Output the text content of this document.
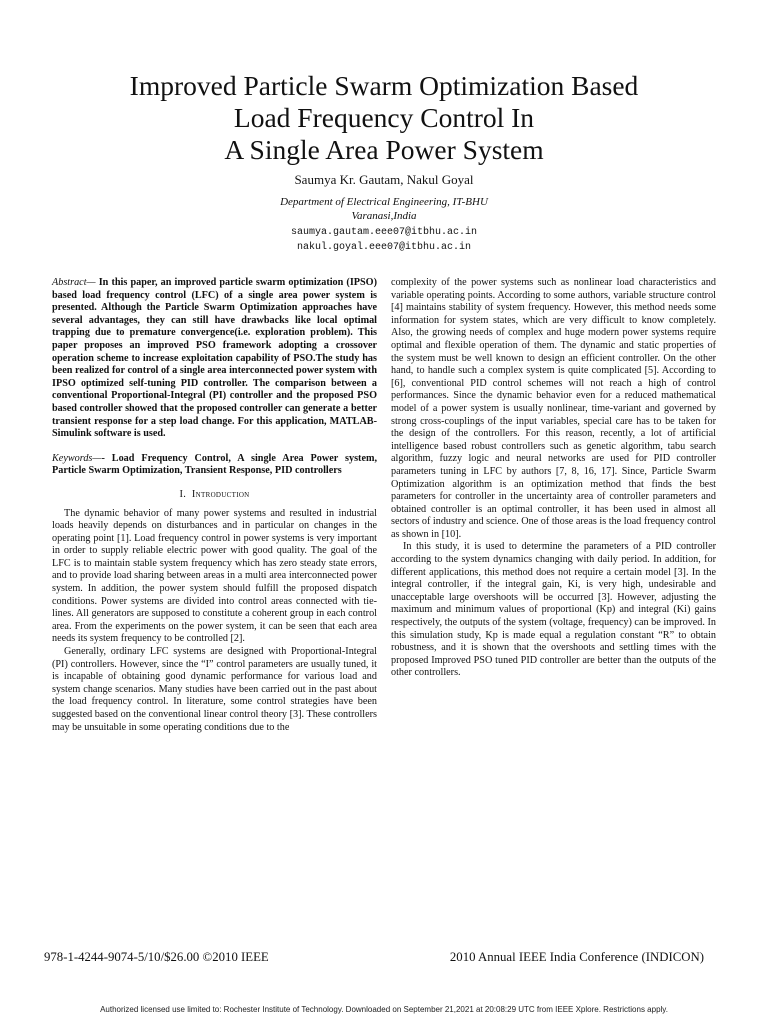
Improved Particle Swarm Optimization Based
Load Frequency Control In
A Single Area Power System
Saumya Kr. Gautam, Nakul Goyal
Department of Electrical Engineering, IT-BHU
Varanasi,India
saumya.gautam.eee07@itbhu.ac.in
nakul.goyal.eee07@itbhu.ac.in

Abstract— In this paper, an improved particle swarm optimization (IPSO) based load frequency control (LFC) of a single area power system is presented. Although the Particle Swarm Optimization approaches have several advantages, they can still have drawbacks like local optimal trapping due to premature convergence(i.e. exploration problem). This paper proposes an improved PSO framework adopting a crossover operation scheme to increase exploitation capability of PSO.The study has been realized for control of a single area interconnected power system with IPSO optimized self-tuning PID controller. The comparison between a conventional Proportional-Integral (PI) controller and the proposed PSO based controller showed that the proposed controller can generate a better transient response for a step load change. For this application, MATLAB-Simulink software is used.

Keywords—- Load Frequency Control, A single Area Power system, Particle Swarm Optimization, Transient Response, PID controllers

I. Introduction

The dynamic behavior of many power systems and resulted in industrial loads heavily depends on disturbances and in particular on changes in the operating point [1]. Load frequency control in power systems is very important in order to supply reliable electric power with good quality. The goal of the LFC is to maintain stable system frequency which has zero steady state errors, and to provide load sharing between areas in a multi area interconnected power system. In addition, the power system should fulfill the proposed dispatch conditions. Power systems are divided into control areas connected with tie-lines. All generators are supposed to constitute a coherent group in each control area. From the experiments on the power system, it can be seen that each area needs its system frequency to be controlled [2].

Generally, ordinary LFC systems are designed with Proportional-Integral (PI) controllers. However, since the “I” control parameters are usually tuned, it is incapable of obtaining good dynamic performance for various load and system change scenarios. Many studies have been carried out in the past about the load frequency control. In literature, some control strategies have been suggested based on the conventional linear control theory [3]. These controllers may be unsuitable in some operating conditions due to the

complexity of the power systems such as nonlinear load characteristics and variable operating points. According to some authors, variable structure control [4] maintains stability of system frequency. However, this method needs some information for system states, which are very difficult to know completely. Also, the growing needs of complex and huge modern power systems require optimal and flexible operation of them. The dynamic and static properties of the system must be well known to design an efficient controller. On the other hand, to handle such a complex system is quite complicated [5]. According to [6], conventional PID control schemes will not reach a high of control performances. Since the dynamic behavior even for a reduced mathematical model of a power system is usually nonlinear, time-variant and governed by strong cross-couplings of the input variables, special care has to be taken for the design of the controllers. For this reason, recently, a lot of artificial intelligence based robust controllers such as genetic algorithm, tabu search algorithm, fuzzy logic and neural networks are used for PID controller parameters tuning in LFC by authors [7, 8, 16, 17]. Since, Particle Swarm Optimization algorithm is an optimization method that finds the best parameters for controller in the uncertainty area of controller parameters and obtained controller is an optimal controller, it has been used in almost all sectors of industry and science. One of those areas is the load frequency control as shown in [10].

In this study, it is used to determine the parameters of a PID controller according to the system dynamics changing with daily period. In addition, for different applications, this method does not require a certain model [3]. In the integral controller, if the integral gain, Ki, is very high, undesirable and unacceptable large overshoots will be occurred [3]. However, adjusting the maximum and minimum values of proportional (Kp) and integral (Ki) gains respectively, the outputs of the system (voltage, frequency) can be improved. In this simulation study, Kp is made equal a regulation constant “R” to obtain robustness, and it is shown that the overshoots and settling times with the proposed Improved PSO tuned PID controller are better than the outputs of the other controllers.

978-1-4244-9074-5/10/$26.00 ©2010 IEEE	2010 Annual IEEE India Conference (INDICON)
Authorized licensed use limited to: Rochester Institute of Technology. Downloaded on September 21,2021 at 20:08:29 UTC from IEEE Xplore. Restrictions apply.
